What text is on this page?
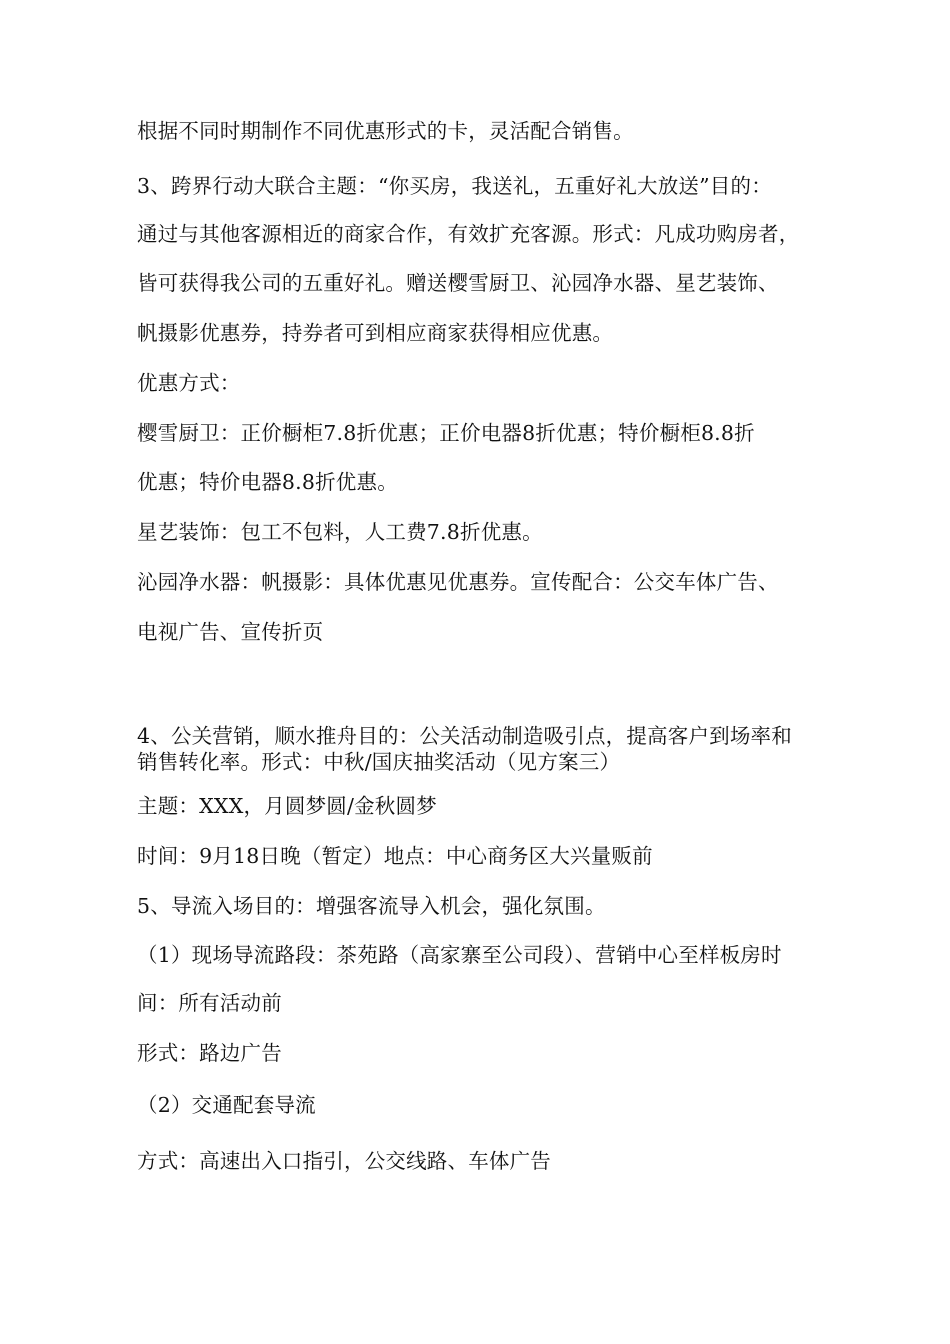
根据不同时期制作不同优惠形式的卡，灵活配合销售。
3、跨界行动大联合主题：“你买房，我送礼，五重好礼大放送”目的：
通过与其他客源相近的商家合作，有效扩充客源。形式：凡成功购房者，
皆可获得我公司的五重好礼。赠送樱雪厨卫、沁园净水器、星艺装饰、
帆摄影优惠券，持券者可到相应商家获得相应优惠。
优惠方式：
樱雪厨卫：正价橱柜7.8折优惠；正价电器8折优惠；特价橱柜8.8折
优惠；特价电器8.8折优惠。
星艺装饰：包工不包料，人工费7.8折优惠。
沁园净水器：帆摄影：具体优惠见优惠券。宣传配合：公交车体广告、
电视广告、宣传折页
4、公关营销，顺水推舟目的：公关活动制造吸引点，提高客户到场率和
销售转化率。形式：中秋/国庆抽奖活动（见方案三）
主题：XXX，月圆梦圆/金秋圆梦
时间：9月18日晚（暂定）地点：中心商务区大兴量贩前
5、导流入场目的：增强客流导入机会，强化氛围。
（1）现场导流路段：茶苑路（高家寨至公司段）、营销中心至样板房时
间：所有活动前
形式：路边广告
（2）交通配套导流
方式：高速出入口指引，公交线路、车体广告
